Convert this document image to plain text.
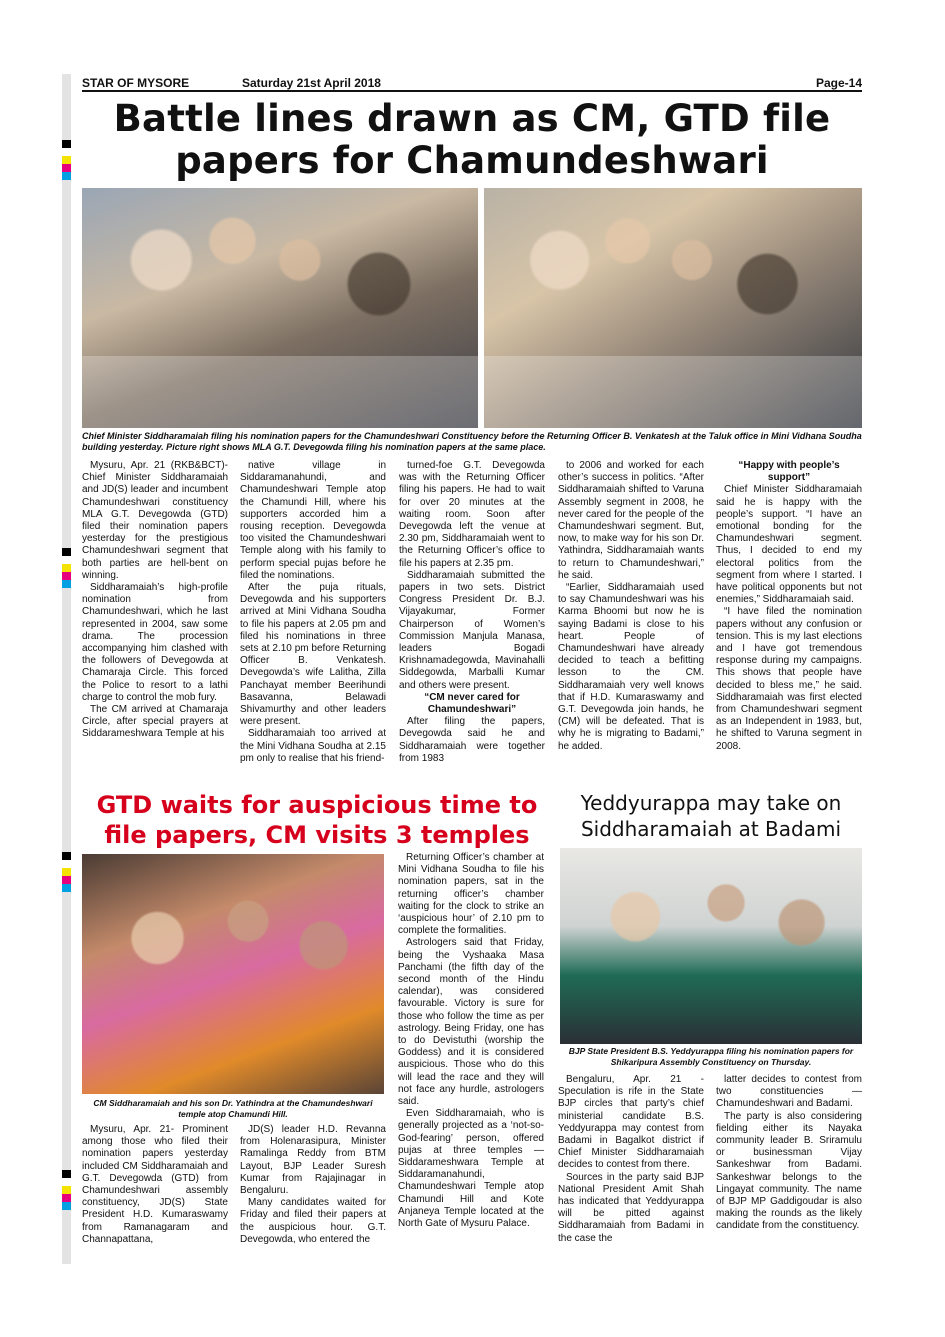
STAR OF MYSORE	Saturday 21st April 2018	Page-14
Battle lines drawn as CM, GTD file
papers for Chamundeshwari
Chief Minister Siddharamaiah filing his nomination papers for the Chamundeshwari Constituency before the Returning Officer B. Venkatesh at the Taluk office in Mini Vidhana Soudha building yesterday. Picture right shows MLA G.T. Devegowda filing his nomination papers at the same place.

Mysuru, Apr. 21 (RKB&BCT)- Chief Minister Siddharamaiah and JD(S) leader and incumbent Chamundeshwari constituency MLA G.T. Devegowda (GTD) filed their nomination papers yesterday for the prestigious Chamundeshwari segment that both parties are hell-bent on winning.

Siddharamaiah’s high-profile nomination from Chamundeshwari, which he last represented in 2004, saw some drama. The procession accompanying him clashed with the followers of Devegowda at Chamaraja Circle. This forced the Police to resort to a lathi charge to control the mob fury.

The CM arrived at Chamaraja Circle, after special prayers at Siddarameshwara Temple at his

native village in Siddaramanahundi, and Chamundeshwari Temple atop the Chamundi Hill, where his supporters accorded him a rousing reception. Devegowda too visited the Chamundeshwari Temple along with his family to perform special pujas before he filed the nominations.

After the puja rituals, Devegowda and his supporters arrived at Mini Vidhana Soudha to file his papers at 2.05 pm and filed his nominations in three sets at 2.10 pm before Returning Officer B. Venkatesh. Devegowda’s wife Lalitha, Zilla Panchayat member Beerihundi Basavanna, Belawadi Shivamurthy and other leaders were present.

Siddharamaiah too arrived at the Mini Vidhana Soudha at 2.15 pm only to realise that his friend-

turned-foe G.T. Devegowda was with the Returning Officer filing his papers. He had to wait for over 20 minutes at the waiting room. Soon after Devegowda left the venue at 2.30 pm, Siddharamaiah went to the Returning Officer’s office to file his papers at 2.35 pm.

Siddharamaiah submitted the papers in two sets. District Congress President Dr. B.J. Vijayakumar, Former Chairperson of Women’s Commission Manjula Manasa, leaders Bogadi Krishnamadegowda, Mavinahalli Siddegowda, Marballi Kumar and others were present.

“CM never cared for Chamundeshwari”

After filing the papers, Devegowda said he and Siddharamaiah were together from 1983

to 2006 and worked for each other’s success in politics. “After Siddharamaiah shifted to Varuna Assembly segment in 2008, he never cared for the people of the Chamundeshwari segment. But, now, to make way for his son Dr. Yathindra, Siddharamaiah wants to return to Chamundeshwari,” he said.

“Earlier, Siddharamaiah used to say Chamundeshwari was his Karma Bhoomi but now he is saying Badami is close to his heart. People of Chamundeshwari have already decided to teach a befitting lesson to the CM. Siddharamaiah very well knows that if H.D. Kumaraswamy and G.T. Devegowda join hands, he (CM) will be defeated. That is why he is migrating to Badami,” he added.

“Happy with people’s support”

Chief Minister Siddharamaiah said he is happy with the people’s support. “I have an emotional bonding for the Chamundeshwari segment. Thus, I decided to end my electoral politics from the segment from where I started. I have political opponents but not enemies,” Siddharamaiah said.

“I have filed the nomination papers without any confusion or tension. This is my last elections and I have got tremendous response during my campaigns. This shows that people have decided to bless me,” he said. Siddharamaiah was first elected from Chamundeshwari segment as an Independent in 1983, but, he shifted to Varuna segment in 2008.

GTD waits for auspicious time to
file papers, CM visits 3 temples
CM Siddharamaiah and his son Dr. Yathindra at the Chamundeshwari temple atop Chamundi Hill.

Returning Officer’s chamber at Mini Vidhana Soudha to file his nomination papers, sat in the returning officer’s chamber waiting for the clock to strike an ‘auspicious hour’ of 2.10 pm to complete the formalities.

Astrologers said that Friday, being the Vyshaaka Masa Panchami (the fifth day of the second month of the Hindu calendar), was considered favourable. Victory is sure for those who follow the time as per astrology. Being Friday, one has to do Devistuthi (worship the Goddess) and it is considered auspicious. Those who do this will lead the race and they will not face any hurdle, astrologers said.

Even Siddharamaiah, who is generally projected as a ‘not-so-God-fearing’ person, offered pujas at three temples — Siddarameshwara Temple at Siddaramanahundi, Chamundeshwari Temple atop Chamundi Hill and Kote Anjaneya Temple located at the North Gate of Mysuru Palace.

Mysuru, Apr. 21- Prominent among those who filed their nomination papers yesterday included CM Siddharamaiah and G.T. Devegowda (GTD) from Chamundeshwari assembly constituency, JD(S) State President H.D. Kumaraswamy from Ramanagaram and Channapattana,

JD(S) leader H.D. Revanna from Holenarasipura, Minister Ramalinga Reddy from BTM Layout, BJP Leader Suresh Kumar from Rajajinagar in Bengaluru.

Many candidates waited for Friday and filed their papers at the auspicious hour. G.T. Devegowda, who entered the

Yeddyurappa may take on
Siddharamaiah at Badami
BJP State President B.S. Yeddyurappa filing his nomination papers for Shikaripura Assembly Constituency on Thursday.

Bengaluru, Apr. 21 - Speculation is rife in the State BJP circles that party’s chief ministerial candidate B.S. Yeddyurappa may contest from Badami in Bagalkot district if Chief Minister Siddharamaiah decides to contest from there.

Sources in the party said BJP National President Amit Shah has indicated that Yeddyurappa will be pitted against Siddharamaiah from Badami in the case the

latter decides to contest from two constituencies — Chamundeshwari and Badami.

The party is also considering fielding either its Nayaka community leader B. Sriramulu or businessman Vijay Sankeshwar from Badami. Sankeshwar belongs to the Lingayat community. The name of BJP MP Gaddigoudar is also making the rounds as the likely candidate from the constituency.
